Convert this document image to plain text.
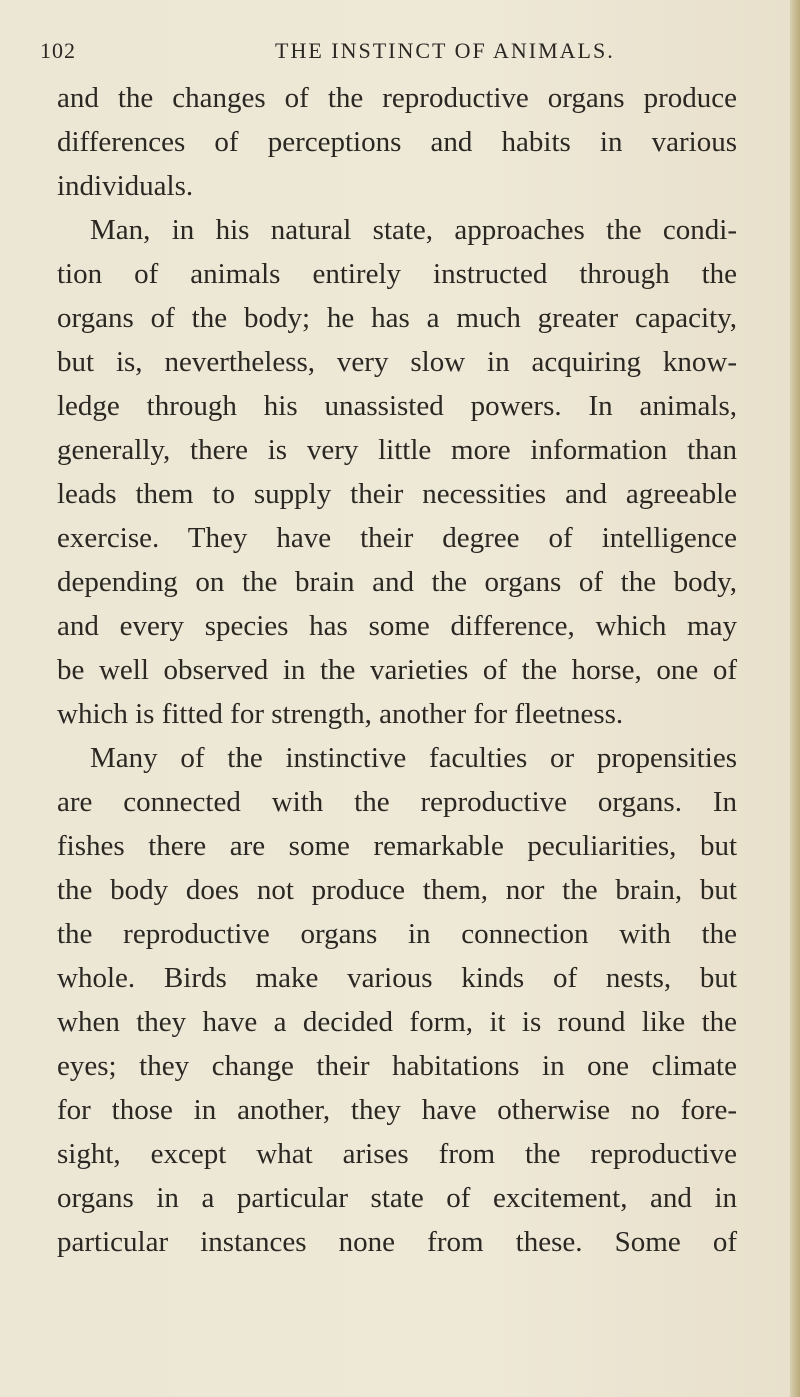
102	THE INSTINCT OF ANIMALS.
and the changes of the reproductive organs produce
differences of perceptions and habits in various
individuals.
Man, in his natural state, approaches the condi-
tion of animals entirely instructed through the
organs of the body; he has a much greater capacity,
but is, nevertheless, very slow in acquiring know-
ledge through his unassisted powers. In animals,
generally, there is very little more information than
leads them to supply their necessities and agreeable
exercise. They have their degree of intelligence
depending on the brain and the organs of the body,
and every species has some difference, which may
be well observed in the varieties of the horse, one of
which is fitted for strength, another for fleetness.
Many of the instinctive faculties or propensities
are connected with the reproductive organs. In
fishes there are some remarkable peculiarities, but
the body does not produce them, nor the brain, but
the reproductive organs in connection with the
whole. Birds make various kinds of nests, but
when they have a decided form, it is round like the
eyes; they change their habitations in one climate
for those in another, they have otherwise no fore-
sight, except what arises from the reproductive
organs in a particular state of excitement, and in
particular instances none from these. Some of
